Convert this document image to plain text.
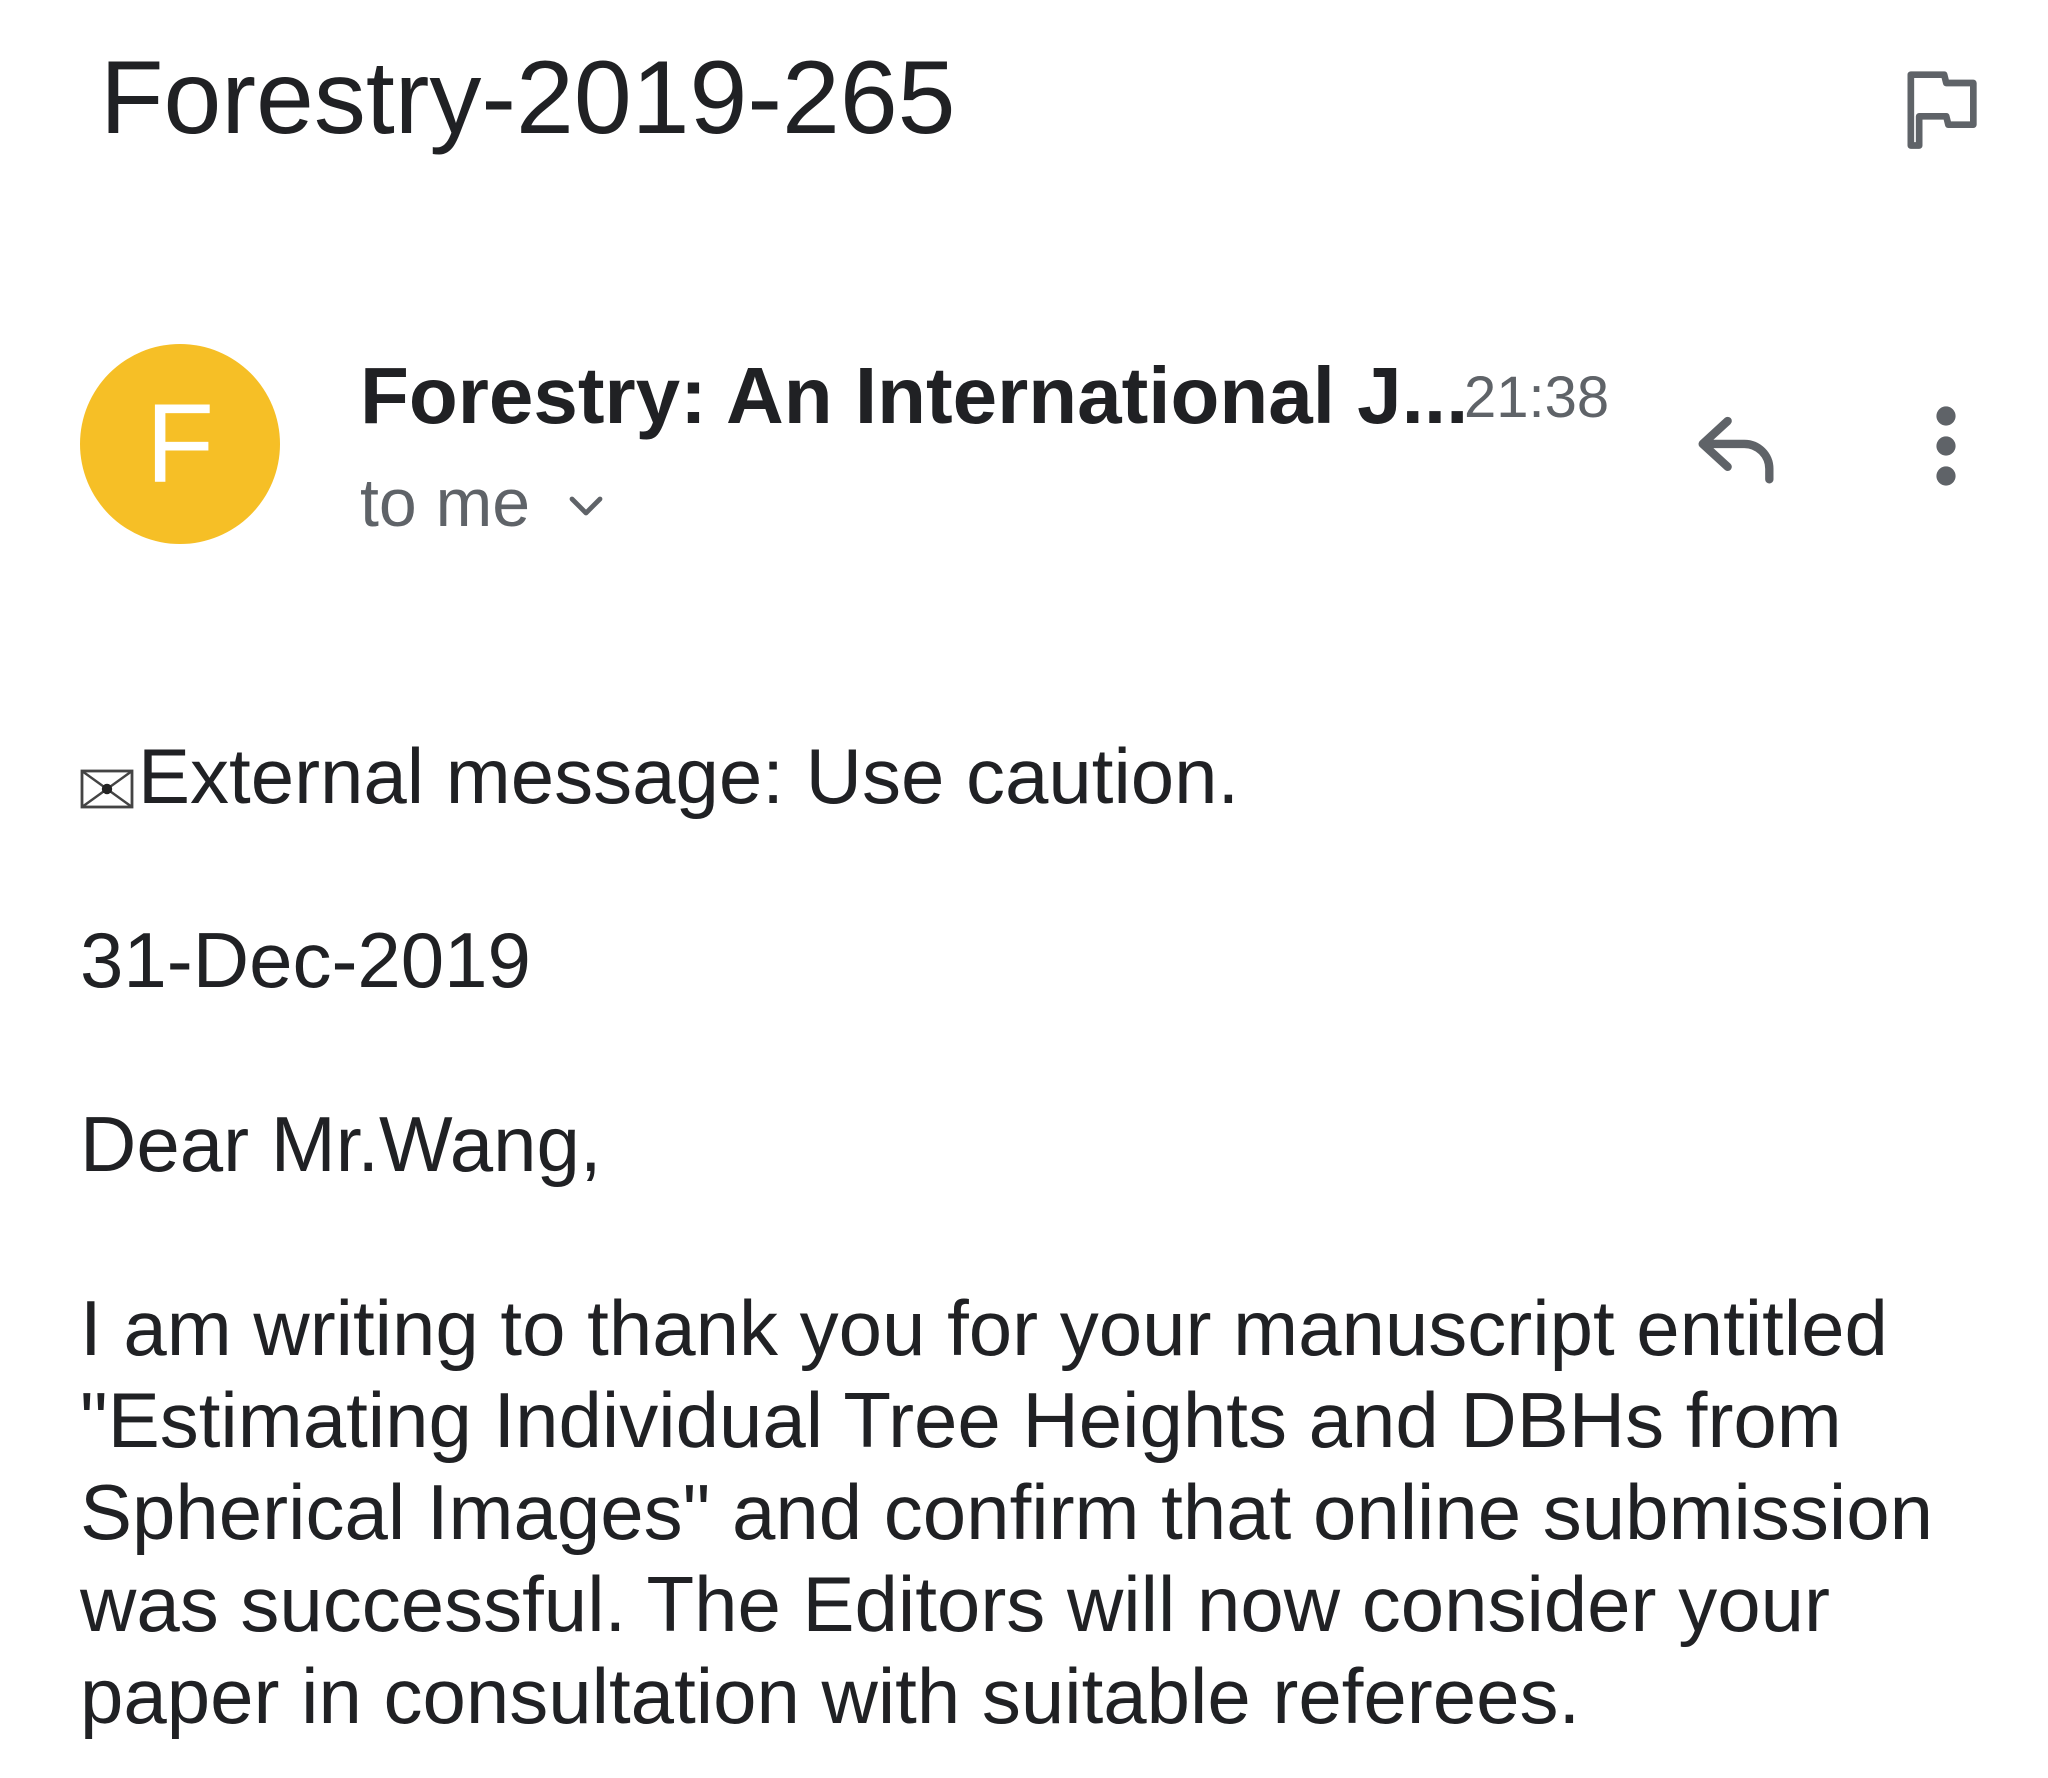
Forestry-2019-265
F Forestry: An International J...
21:38
to me
External message: Use caution.
31-Dec-2019
Dear Mr.Wang,
I am writing to thank you for your manuscript entitled
"Estimating Individual Tree Heights and DBHs from
Spherical Images" and confirm that online submission
was successful. The Editors will now consider your
paper in consultation with suitable referees.
